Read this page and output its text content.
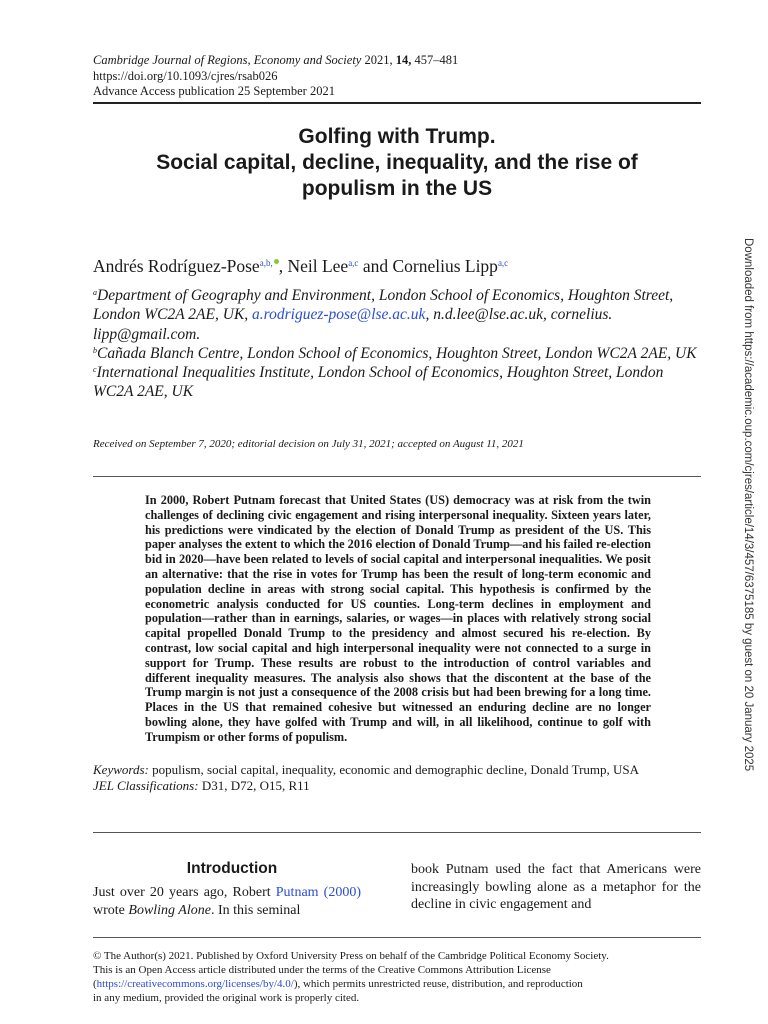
Cambridge Journal of Regions, Economy and Society 2021, 14, 457–481
https://doi.org/10.1093/cjres/rsab026
Advance Access publication 25 September 2021
Golfing with Trump.
Social capital, decline, inequality, and the rise of
populism in the US
Andrés Rodríguez-Pose$^{a,b,}$ , Neil Lee$^{a,c}$ and Cornelius Lipp$^{a,c}$
$^a$Department of Geography and Environment, London School of Economics, Houghton Street, London WC2A 2AE, UK, a.rodriguez-pose@lse.ac.uk, n.d.lee@lse.ac.uk, cornelius. lipp@gmail.com.
$^b$Cañada Blanch Centre, London School of Economics, Houghton Street, London WC2A 2AE, UK
$^c$International Inequalities Institute, London School of Economics, Houghton Street, London WC2A 2AE, UK
Received on September 7, 2020; editorial decision on July 31, 2021; accepted on August 11, 2021
In 2000, Robert Putnam forecast that United States (US) democracy was at risk from the twin challenges of declining civic engagement and rising interpersonal inequality. Sixteen years later, his predictions were vindicated by the election of Donald Trump as president of the US. This paper analyses the extent to which the 2016 election of Donald Trump—and his failed re-election bid in 2020—have been related to levels of social capital and interpersonal inequalities. We posit an alternative: that the rise in votes for Trump has been the result of long-term economic and population decline in areas with strong social capital. This hypothesis is confirmed by the econometric analysis conducted for US counties. Long-term declines in employment and population—rather than in earnings, salaries, or wages—in places with relatively strong social capital propelled Donald Trump to the presidency and almost secured his re-election. By contrast, low social capital and high interpersonal inequality were not connected to a surge in support for Trump. These results are robust to the introduction of control variables and different inequality measures. The analysis also shows that the discontent at the base of the Trump margin is not just a consequence of the 2008 crisis but had been brewing for a long time. Places in the US that remained cohesive but witnessed an enduring decline are no longer bowling alone, they have golfed with Trump and will, in all likelihood, continue to golf with Trumpism or other forms of populism.
Keywords: populism, social capital, inequality, economic and demographic decline, Donald Trump, USA
JEL Classifications: D31, D72, O15, R11
Introduction
Just over 20 years ago, Robert Putnam (2000) wrote Bowling Alone. In this seminal
book Putnam used the fact that Americans were increasingly bowling alone as a metaphor for the decline in civic engagement and
© The Author(s) 2021. Published by Oxford University Press on behalf of the Cambridge Political Economy Society.
This is an Open Access article distributed under the terms of the Creative Commons Attribution License
(https://creativecommons.org/licenses/by/4.0/), which permits unrestricted reuse, distribution, and reproduction
in any medium, provided the original work is properly cited.
Downloaded from https://academic.oup.com/cjres/article/14/3/457/6375185 by guest on 20 January 2025
